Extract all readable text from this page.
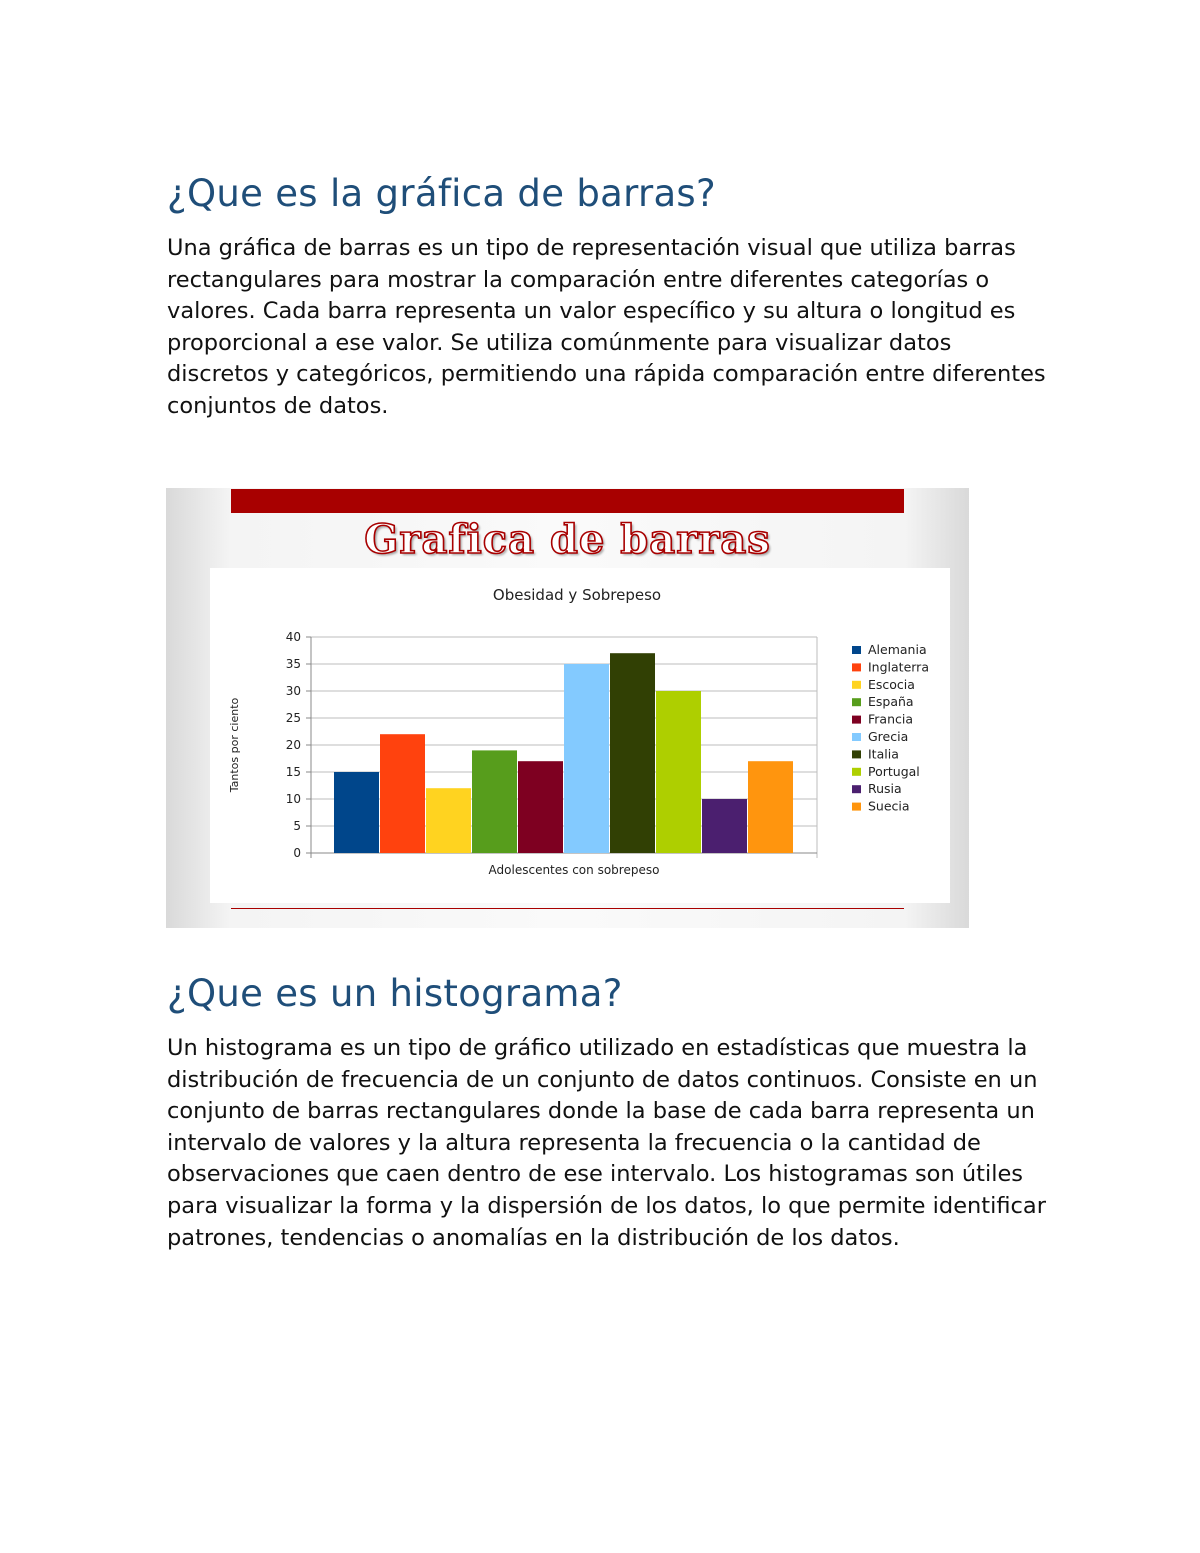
¿Que es la gráfica de barras?

Una gráfica de barras es un tipo de representación visual que utiliza barras rectangulares para mostrar la comparación entre diferentes categorías o valores. Cada barra representa un valor específico y su altura o longitud es proporcional a ese valor. Se utiliza comúnmente para visualizar datos discretos y categóricos, permitiendo una rápida comparación entre diferentes conjuntos de datos.

Grafica de barras
Obesidad y Sobrepeso
0
5
10
15
20
25
30
35
40
Adolescentes con sobrepeso
Tantos por ciento
Alemania
Inglaterra
Escocia
España
Francia
Grecia
Italia
Portugal
Rusia
Suecia
¿Que es un histograma?

Un histograma es un tipo de gráfico utilizado en estadísticas que muestra la distribución de frecuencia de un conjunto de datos continuos. Consiste en un conjunto de barras rectangulares donde la base de cada barra representa un intervalo de valores y la altura representa la frecuencia o la cantidad de observaciones que caen dentro de ese intervalo. Los histogramas son útiles para visualizar la forma y la dispersión de los datos, lo que permite identificar patrones, tendencias o anomalías en la distribución de los datos.
